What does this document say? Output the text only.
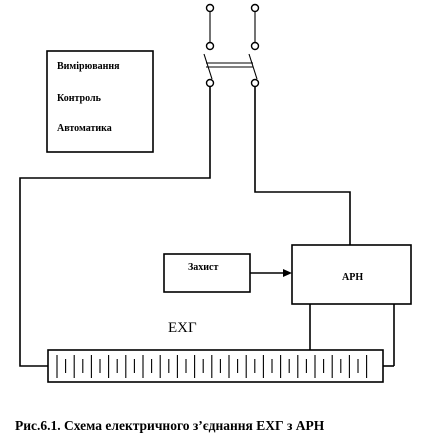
Вимірювання
Контроль
Автоматика
Захист
АРН
ЕХГ
Рис.6.1. Схема електричного з’єднання ЕХГ з АРН
